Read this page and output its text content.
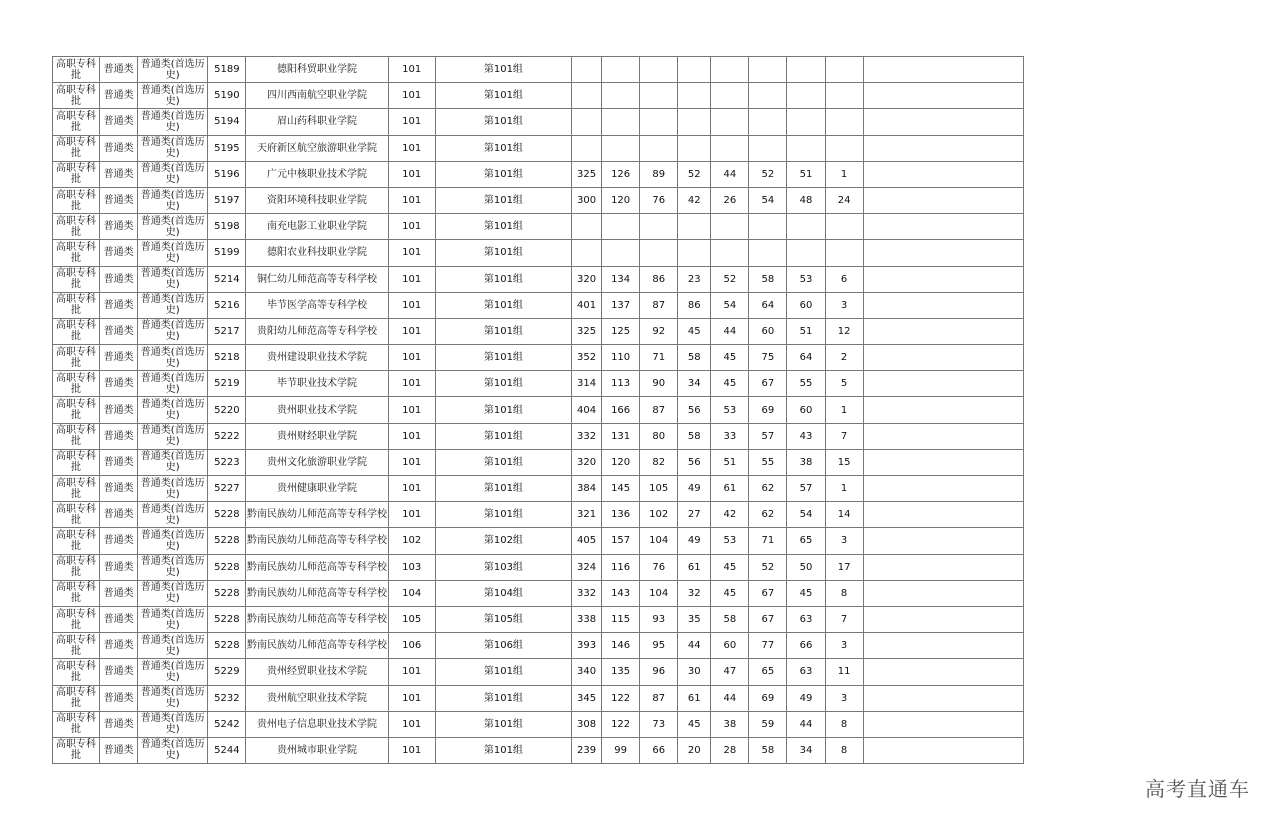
高职专科批	普通类	普通类(首选历史)	5189	德阳科贸职业学院	101	第101组									
高职专科批	普通类	普通类(首选历史)	5190	四川西南航空职业学院	101	第101组									
高职专科批	普通类	普通类(首选历史)	5194	眉山药科职业学院	101	第101组									
高职专科批	普通类	普通类(首选历史)	5195	天府新区航空旅游职业学院	101	第101组									
高职专科批	普通类	普通类(首选历史)	5196	广元中核职业技术学院	101	第101组	325	126	89	52	44	52	51	1	
高职专科批	普通类	普通类(首选历史)	5197	资阳环境科技职业学院	101	第101组	300	120	76	42	26	54	48	24	
高职专科批	普通类	普通类(首选历史)	5198	南充电影工业职业学院	101	第101组									
高职专科批	普通类	普通类(首选历史)	5199	德阳农业科技职业学院	101	第101组									
高职专科批	普通类	普通类(首选历史)	5214	铜仁幼儿师范高等专科学校	101	第101组	320	134	86	23	52	58	53	6	
高职专科批	普通类	普通类(首选历史)	5216	毕节医学高等专科学校	101	第101组	401	137	87	86	54	64	60	3	
高职专科批	普通类	普通类(首选历史)	5217	贵阳幼儿师范高等专科学校	101	第101组	325	125	92	45	44	60	51	12	
高职专科批	普通类	普通类(首选历史)	5218	贵州建设职业技术学院	101	第101组	352	110	71	58	45	75	64	2	
高职专科批	普通类	普通类(首选历史)	5219	毕节职业技术学院	101	第101组	314	113	90	34	45	67	55	5	
高职专科批	普通类	普通类(首选历史)	5220	贵州职业技术学院	101	第101组	404	166	87	56	53	69	60	1	
高职专科批	普通类	普通类(首选历史)	5222	贵州财经职业学院	101	第101组	332	131	80	58	33	57	43	7	
高职专科批	普通类	普通类(首选历史)	5223	贵州文化旅游职业学院	101	第101组	320	120	82	56	51	55	38	15	
高职专科批	普通类	普通类(首选历史)	5227	贵州健康职业学院	101	第101组	384	145	105	49	61	62	57	1	
高职专科批	普通类	普通类(首选历史)	5228	黔南民族幼儿师范高等专科学校	101	第101组	321	136	102	27	42	62	54	14	
高职专科批	普通类	普通类(首选历史)	5228	黔南民族幼儿师范高等专科学校	102	第102组	405	157	104	49	53	71	65	3	
高职专科批	普通类	普通类(首选历史)	5228	黔南民族幼儿师范高等专科学校	103	第103组	324	116	76	61	45	52	50	17	
高职专科批	普通类	普通类(首选历史)	5228	黔南民族幼儿师范高等专科学校	104	第104组	332	143	104	32	45	67	45	8	
高职专科批	普通类	普通类(首选历史)	5228	黔南民族幼儿师范高等专科学校	105	第105组	338	115	93	35	58	67	63	7	
高职专科批	普通类	普通类(首选历史)	5228	黔南民族幼儿师范高等专科学校	106	第106组	393	146	95	44	60	77	66	3	
高职专科批	普通类	普通类(首选历史)	5229	贵州经贸职业技术学院	101	第101组	340	135	96	30	47	65	63	11	
高职专科批	普通类	普通类(首选历史)	5232	贵州航空职业技术学院	101	第101组	345	122	87	61	44	69	49	3	
高职专科批	普通类	普通类(首选历史)	5242	贵州电子信息职业技术学院	101	第101组	308	122	73	45	38	59	44	8	
高职专科批	普通类	普通类(首选历史)	5244	贵州城市职业学院	101	第101组	239	99	66	20	28	58	34	8	
高考直通车
